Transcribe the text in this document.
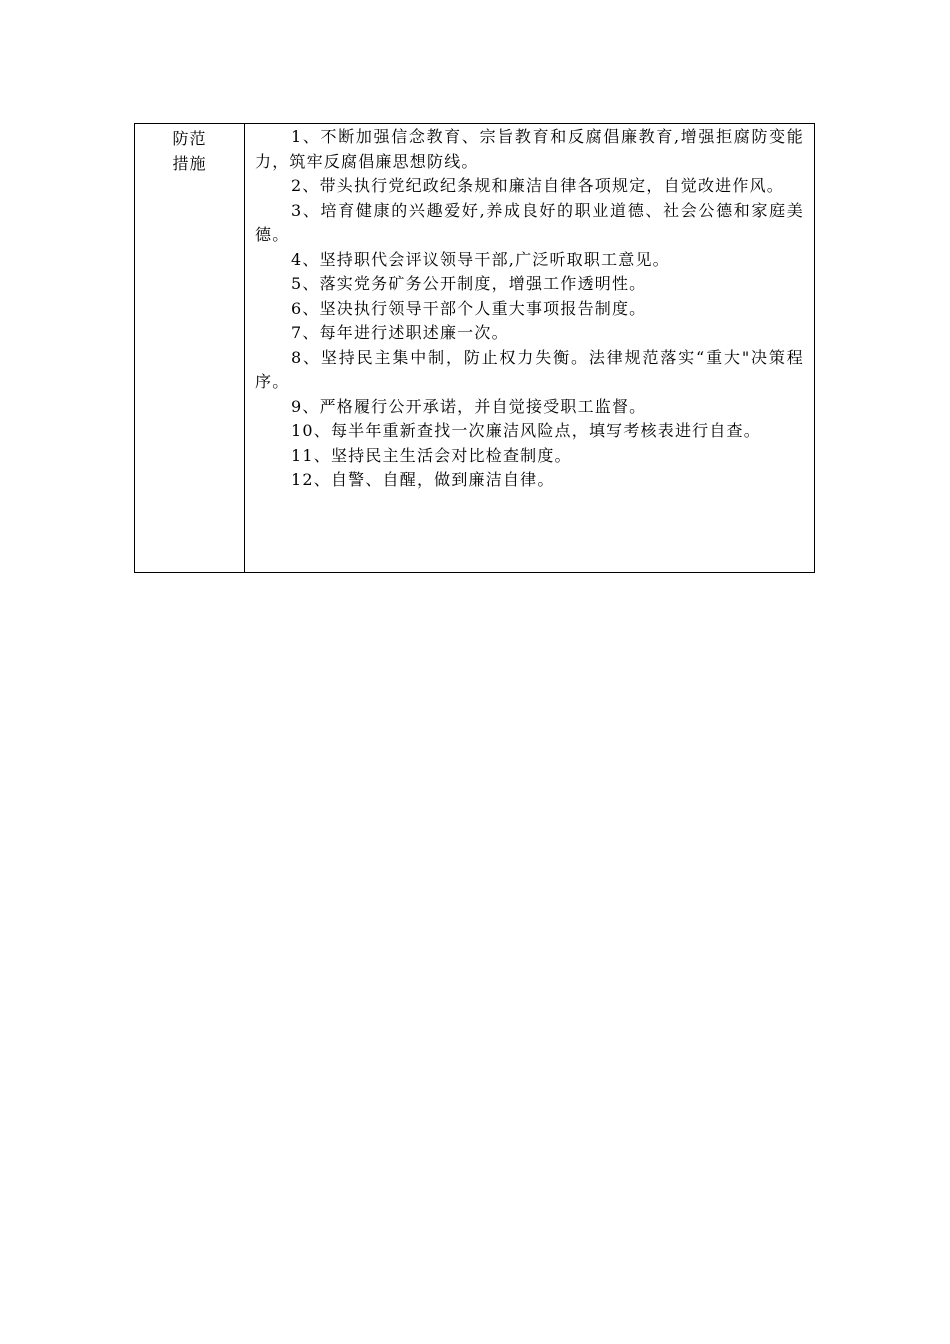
防范
措施

1、不断加强信念教育、宗旨教育和反腐倡廉教育,增强拒腐防变能力，筑牢反腐倡廉思想防线。

2、带头执行党纪政纪条规和廉洁自律各项规定，自觉改进作风。

3、培育健康的兴趣爱好,养成良好的职业道德、社会公德和家庭美德。

4、坚持职代会评议领导干部,广泛听取职工意见。

5、落实党务矿务公开制度，增强工作透明性。

6、坚决执行领导干部个人重大事项报告制度。

7、每年进行述职述廉一次。

8、坚持民主集中制，防止权力失衡。法律规范落实“重大"决策程序。

9、严格履行公开承诺，并自觉接受职工监督。

10、每半年重新查找一次廉洁风险点，填写考核表进行自查。

11、坚持民主生活会对比检查制度。

12、自警、自醒，做到廉洁自律。
